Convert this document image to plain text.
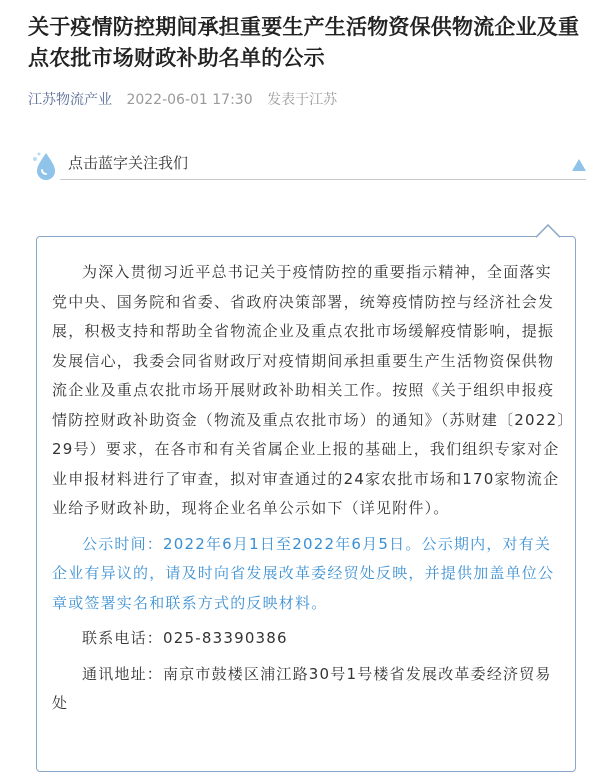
关于疫情防控期间承担重要生产生活物资保供物流企业及重点农批市场财政补助名单的公示
江苏物流产业 2022-06-01 17:30 发表于江苏
点击蓝字关注我们

为深入贯彻习近平总书记关于疫情防控的重要指示精神，全面落实党中央、国务院和省委、省政府决策部署，统筹疫情防控与经济社会发展，积极支持和帮助全省物流企业及重点农批市场缓解疫情影响，提振发展信心，我委会同省财政厅对疫情期间承担重要生产生活物资保供物流企业及重点农批市场开展财政补助相关工作。按照《关于组织申报疫情防控财政补助资金（物流及重点农批市场）的通知》（苏财建〔2022〕29号）要求，在各市和有关省属企业上报的基础上，我们组织专家对企业申报材料进行了审查，拟对审查通过的24家农批市场和170家物流企业给予财政补助，现将企业名单公示如下（详见附件）。

公示时间：2022年6月1日至2022年6月5日。公示期内，对有关企业有异议的，请及时向省发展改革委经贸处反映，并提供加盖单位公章或签署实名和联系方式的反映材料。

联系电话：025-83390386

通讯地址：南京市鼓楼区浦江路30号1号楼省发展改革委经济贸易处
